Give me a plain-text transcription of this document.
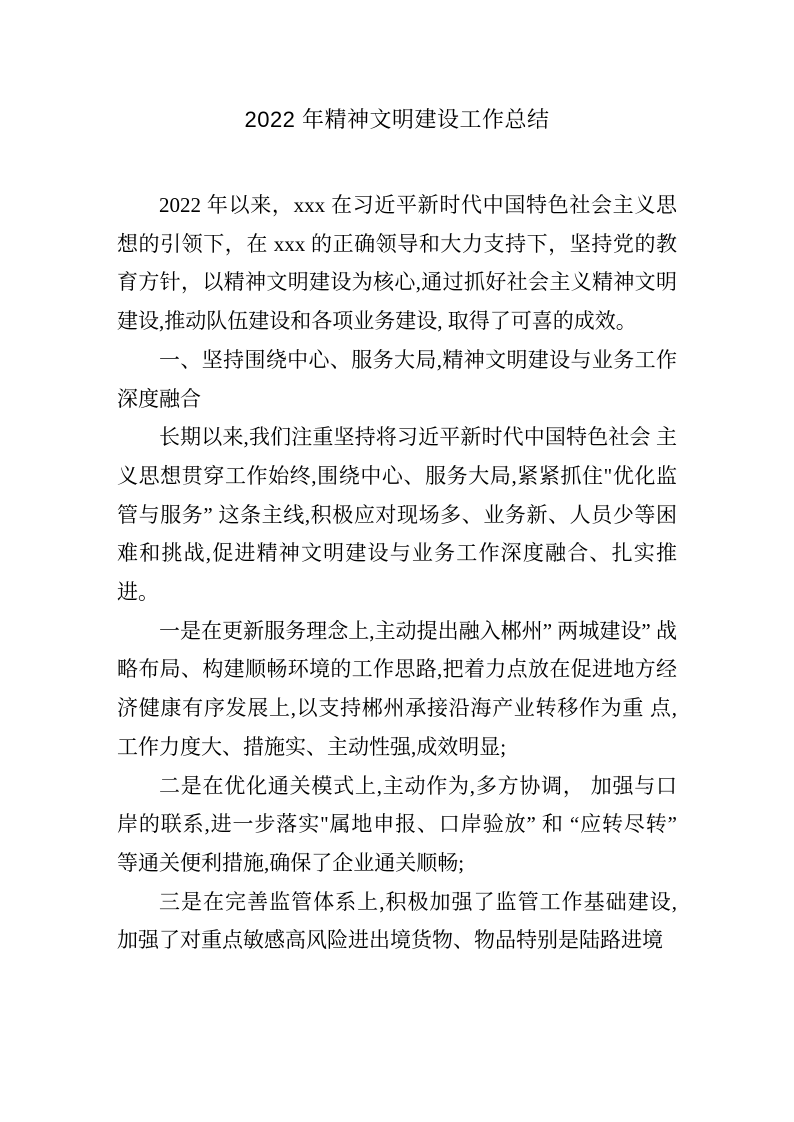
2022 年精神文明建设工作总结

2022 年以来，xxx 在习近平新时代中国特色社会主义思想的引领下，在 xxx 的正确领导和大力支持下，坚持党的教育方针，以精神文明建设为核心,通过抓好社会主义精神文明建设,推动队伍建设和各项业务建设, 取得了可喜的成效。

一、坚持围绕中心、服务大局,精神文明建设与业务工作深度融合

长期以来,我们注重坚持将习近平新时代中国特色社会 主义思想贯穿工作始终,围绕中心、服务大局,紧紧抓住"优化监管与服务” 这条主线,积极应对现场多、业务新、人员少等困难和挑战,促进精神文明建设与业务工作深度融合、扎实推进。

一是在更新服务理念上,主动提出融入郴州” 两城建设” 战略布局、构建顺畅环境的工作思路,把着力点放在促进地方经济健康有序发展上,以支持郴州承接沿海产业转移作为重 点,工作力度大、措施实、主动性强,成效明显;

二是在优化通关模式上,主动作为,多方协调， 加强与口岸的联系,进一步落实"属地申报、口岸验放” 和 “应转尽转” 等通关便利措施,确保了企业通关顺畅;

三是在完善监管体系上,积极加强了监管工作基础建设, 加强了对重点敏感高风险进出境货物、物品特别是陆路进境
